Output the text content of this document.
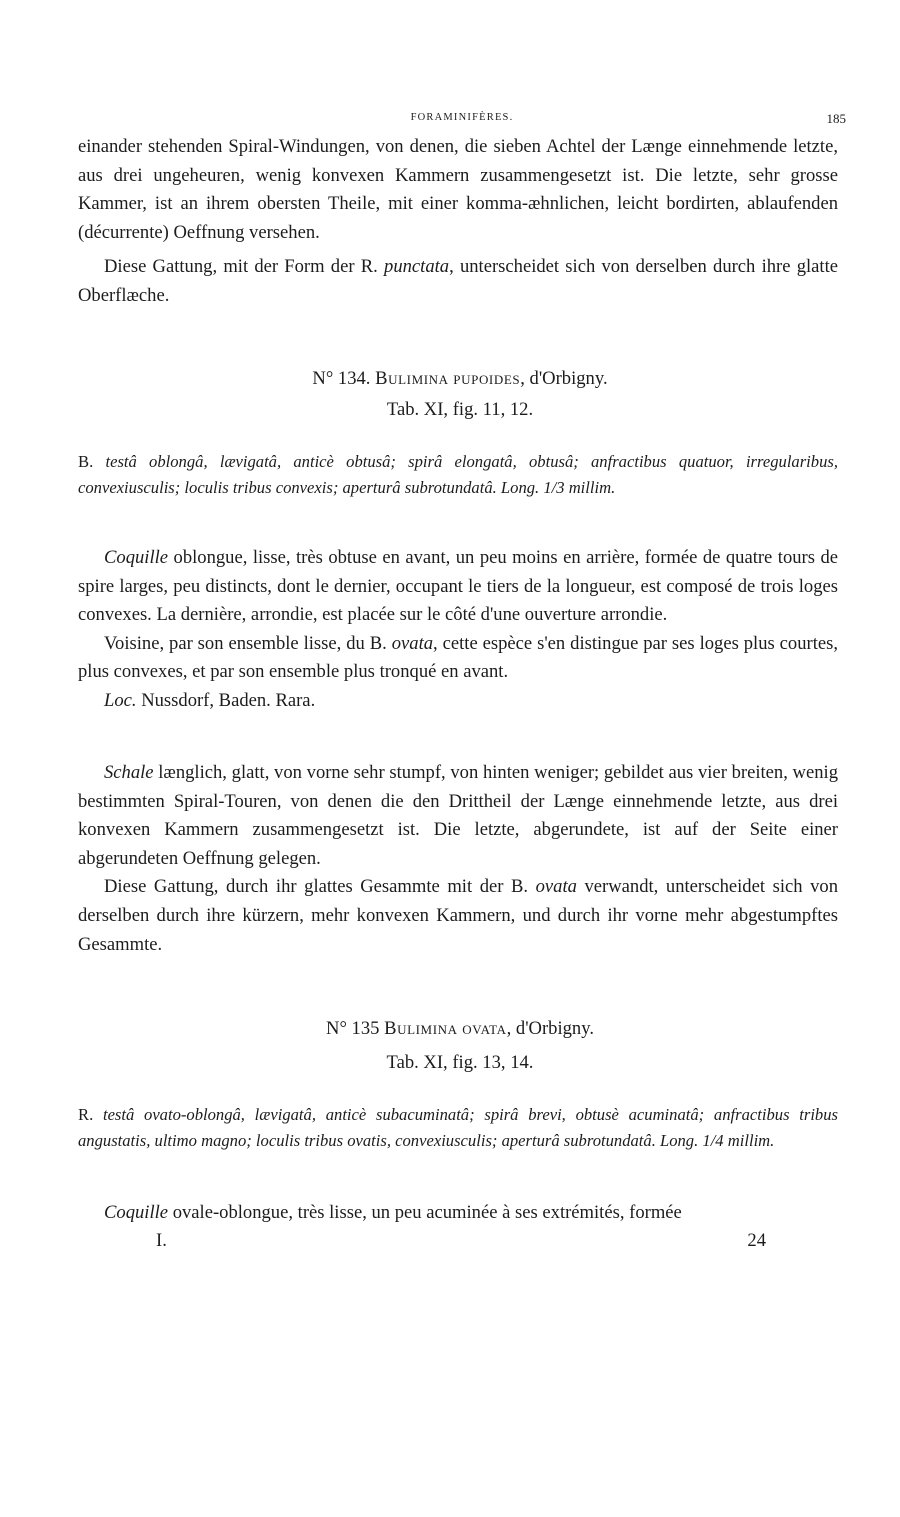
FORAMINIFÈRES.	185

einander stehenden Spiral-Windungen, von denen, die sieben Achtel der Længe einnehmende letzte, aus drei ungeheuren, wenig konvexen Kammern zusammengesetzt ist. Die letzte, sehr grosse Kammer, ist an ihrem obersten Theile, mit einer komma-æhnlichen, leicht bordirten, ablaufenden (décurrente) Oeffnung versehen.

Diese Gattung, mit der Form der R. punctata, unterscheidet sich von derselben durch ihre glatte Oberflæche.

N° 134. Bulimina pupoides, d'Orbigny.
Tab. XI, fig. 11, 12.

B. testâ oblongâ, lævigatâ, anticè obtusâ; spirâ elongatâ, obtusâ; anfractibus quatuor, irregularibus, convexiusculis; loculis tribus convexis; aperturâ subrotundatâ. Long. 1/3 millim.

Coquille oblongue, lisse, très obtuse en avant, un peu moins en arrière, formée de quatre tours de spire larges, peu distincts, dont le dernier, occupant le tiers de la longueur, est composé de trois loges convexes. La dernière, arrondie, est placée sur le côté d'une ouverture arrondie.

Voisine, par son ensemble lisse, du B. ovata, cette espèce s'en distingue par ses loges plus courtes, plus convexes, et par son ensemble plus tronqué en avant.

Loc. Nussdorf, Baden. Rara.

Schale længlich, glatt, von vorne sehr stumpf, von hinten weniger; gebildet aus vier breiten, wenig bestimmten Spiral-Touren, von denen die den Drittheil der Længe einnehmende letzte, aus drei konvexen Kammern zusammengesetzt ist. Die letzte, abgerundete, ist auf der Seite einer abgerundeten Oeffnung gelegen.

Diese Gattung, durch ihr glattes Gesammte mit der B. ovata verwandt, unterscheidet sich von derselben durch ihre kürzern, mehr konvexen Kammern, und durch ihr vorne mehr abgestumpftes Gesammte.

N° 135 Bulimina ovata, d'Orbigny.
Tab. XI, fig. 13, 14.

R. testâ ovato-oblongâ, lævigatâ, anticè subacuminatâ; spirâ brevi, obtusè acuminatâ; anfractibus tribus angustatis, ultimo magno; loculis tribus ovatis, convexiusculis; aperturâ subrotundatâ. Long. 1/4 millim.

Coquille ovale-oblongue, très lisse, un peu acuminée à ses extrémités, formée

I.	24
